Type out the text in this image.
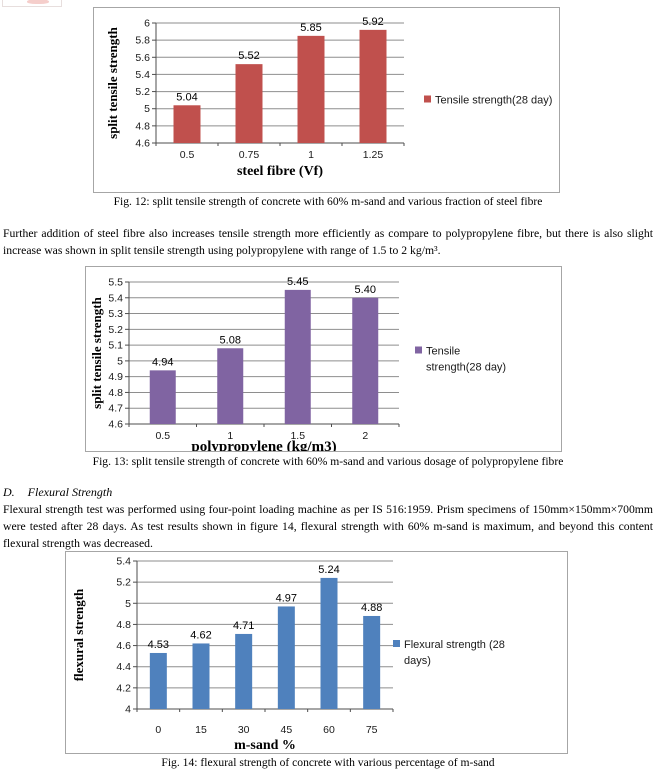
4.6
4.8
5
5.2
5.4
5.6
5.8
6
5.04
5.52
5.85	5.92
0.5	0.75	1	1.25
steel fibre (Vf)
split tensile strength	Tensile strength(28 day)
Fig. 12: split tensile strength of concrete with 60% m-sand and various fraction of steel fibre
Further addition of steel fibre also increases tensile strength more efficiently as compare to polypropylene fibre, but there is also slight increase was shown in split tensile strength using polypropylene with range of 1.5 to 2 kg/m³.
4.6
4.7
4.8
4.9
5
5.1
5.2
5.3
5.4
5.5
4.94
5.08
5.45
5.40
0.5	1	1.5	2
polypropylene (kg/m3)
split tensile strength	Tensile
strength(28 day)
Fig. 13: split tensile strength of concrete with 60% m-sand and various dosage of polypropylene fibre
D. Flexural Strength
Flexural strength test was performed using four-point loading machine as per IS 516:1959. Prism specimens of 150mm×150mm×700mm were tested after 28 days. As test results shown in figure 14, flexural strength with 60% m-sand is maximum, and beyond this content flexural strength was decreased.
4
4.2
4.4
4.6
4.8
5
5.2
5.4
4.53
4.62
4.71
4.97
5.24
4.88
0	15	30	45	60	75
m-sand %
flexural strength	Flexural strength (28
days)
Fig. 14: flexural strength of concrete with various percentage of m-sand
